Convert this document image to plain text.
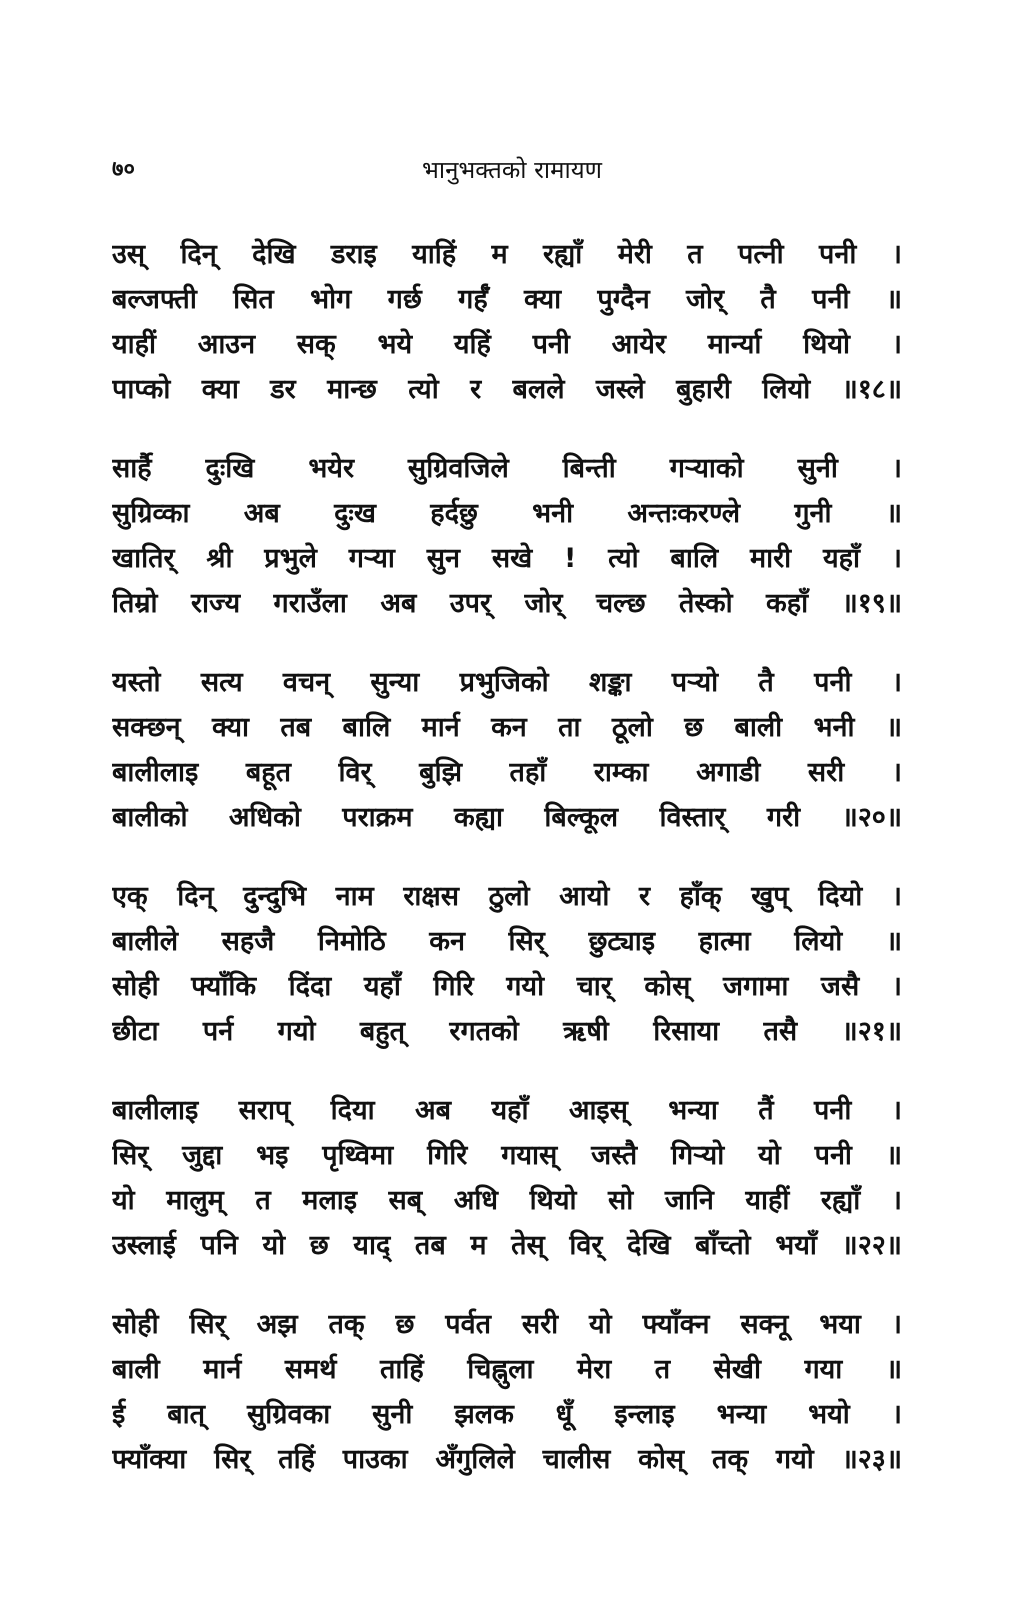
७०	भानुभक्तको रामायण
उस् दिन् देखि डराइ याहिं म रह्याँ मेरी त पत्नी पनी ।
बल्जफ्ती सित भोग गर्छ गर्हँ क्या पुग्दैन जोर् तै पनी ॥
याहीं आउन सक् भये यहिं पनी आयेर मार्न्या थियो ।
पाप्को क्या डर मान्छ त्यो र बलले जस्ले बुहारी लियो ॥१८॥
सार्है दुःखि भयेर सुग्रिवजिले बिन्ती गर्‍याको सुनी ।
सुग्रिव्का अब दुःख हर्दछु भनी अन्तःकरण्ले गुनी ॥
खातिर् श्री प्रभुले गर्‍या सुन सखे ! त्यो बालि मारी यहाँ ।
तिम्रो राज्य गराउँला अब उपर् जोर् चल्छ तेस्को कहाँ ॥१९॥
यस्तो सत्य वचन् सुन्या प्रभुजिको शङ्का पर्‍यो तै पनी ।
सक्छन् क्या तब बालि मार्न कन ता ठूलो छ बाली भनी ॥
बालीलाइ बहूत विर् बुझि तहाँ राम्का अगाडी सरी ।
बालीको अधिको पराक्रम कह्या बिल्कूल विस्तार् गरी ॥२०॥
एक् दिन् दुन्दुभि नाम राक्षस ठुलो आयो र हाँक् खुप् दियो ।
बालीले सहजै निमोठि कन सिर् छुट्याइ हात्मा लियो ॥
सोही फ्याँकि दिंदा यहाँ गिरि गयो चार् कोस् जगामा जसै ।
छीटा पर्न गयो बहुत् रगतको ऋषी रिसाया तसै ॥२१॥
बालीलाइ सराप् दिया अब यहाँ आइस् भन्या तैं पनी ।
सिर् जुद्दा भइ पृथ्विमा गिरि गयास् जस्तै गिर्‍यो यो पनी ॥
यो मालुम् त मलाइ सब् अधि थियो सो जानि याहीं रह्याँ ।
उस्लाई पनि यो छ याद् तब म तेस् विर् देखि बाँच्तो भयाँ ॥२२॥
सोही सिर् अझ तक् छ पर्वत सरी यो फ्याँक्न सक्नू भया ।
बाली मार्न समर्थ ताहिं चिह्नुला मेरा त सेखी गया ॥
ई बात् सुग्रिवका सुनी झलक धूँ इन्लाइ भन्या भयो ।
फ्याँक्या सिर् तहिं पाउका अँगुलिले चालीस कोस् तक् गयो ॥२३॥
